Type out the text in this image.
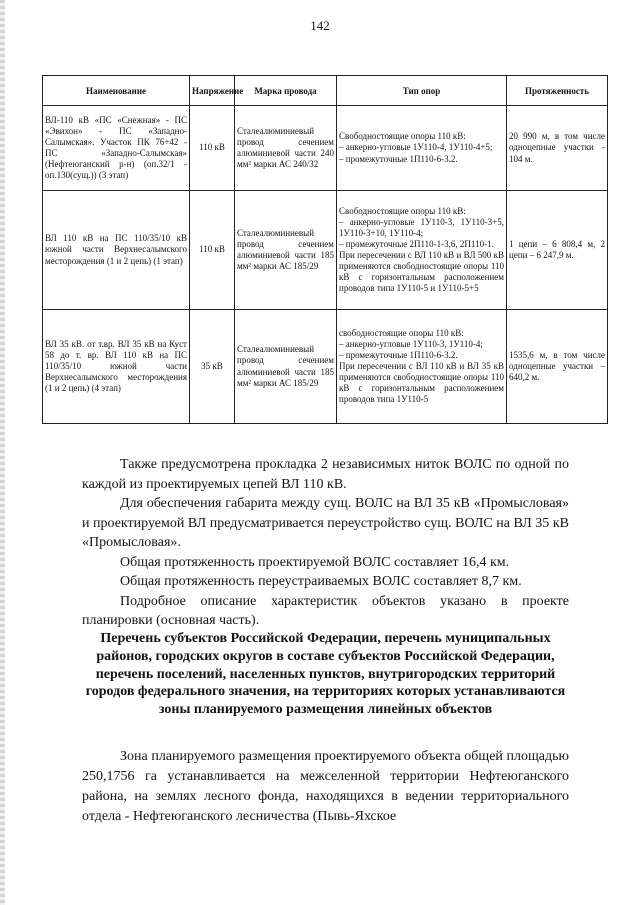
142
Наименование	Напряжение	Марка провода	Тип опор	Протяженность
ВЛ-110 кВ «ПС «Снежная» - ПС «Эвихон» - ПС «Западно-Салымская». Участок ПК 76+42 - ПС «Западно-Салымская» (Нефтеюганский р-н) (оп.32/1 - оп.130(сущ.)) (3 этап)	110 кВ	Сталеалюминиевый провод сечением алюминиевой части 240 мм² марки АС 240/32	Свободностоящие опоры 110 кВ:
– анкерно-угловые 1У110-4, 1У110-4+5;
– промежуточные 1П110-6-3.2.	20 990 м, в том числе одноцепные участки - 104 м.
ВЛ 110 кВ на ПС 110/35/10 кВ южной части Верхнесалымского месторождения (1 и 2 цепь) (1 этап)	110 кВ	Сталеалюминиевый провод сечением алюминиевой части 185 мм² марки АС 185/29	Свободностоящие опоры 110 кВ:
– анкерно-угловые 1У110-3, 1У110-3+5, 1У110-3+10, 1У110-4;
– промежуточные 2П110-1-3,6, 2П110-1.
При пересечении с ВЛ 110 кВ и ВЛ 500 кВ применяются свободностоящие опоры 110 кВ с горизонтальным расположением проводов типа 1У110-5 и 1У110-5+5	1 цепи – 6 808,4 м, 2 цепи – 6 247,9 м.
ВЛ 35 кВ. от т.вр. ВЛ 35 кВ на Куст 58 до т. вр. ВЛ 110 кВ на ПС 110/35/10 южной части Верхнесалымского месторождения (1 и 2 цепь) (4 этап)	35 кВ	Сталеалюминиевый провод сечением алюминиевой части 185 мм² марки АС 185/29	свободностоящие опоры 110 кВ:
– анкерно-угловые 1У110-3, 1У110-4;
– промежуточные 1П110-6-3.2.
При пересечении с ВЛ 110 кВ и ВЛ 35 кВ применяются свободностоящие опоры 110 кВ с горизонтальным расположением проводов типа 1У110-5	1535,6 м, в том числе одноцепные участки – 640,2 м.

Также предусмотрена прокладка 2 независимых ниток ВОЛС по одной по каждой из проектируемых цепей ВЛ 110 кВ.

Для обеспечения габарита между сущ. ВОЛС на ВЛ 35 кВ «Промысловая» и проектируемой ВЛ предусматривается переустройство сущ. ВОЛС на ВЛ 35 кВ «Промысловая».

Общая протяженность проектируемой ВОЛС составляет 16,4 км.

Общая протяженность переустраиваемых ВОЛС составляет 8,7 км.

Подробное описание характеристик объектов указано в проекте планировки (основная часть).

Перечень субъектов Российской Федерации, перечень муниципальных районов, городских округов в составе субъектов Российской Федерации, перечень поселений, населенных пунктов, внутригородских территорий городов федерального значения, на территориях которых устанавливаются зоны планируемого размещения линейных объектов

Зона планируемого размещения проектируемого объекта общей площадью 250,1756 га устанавливается на межселенной территории Нефтеюганского района, на землях лесного фонда, находящихся в ведении территориального отдела - Нефтеюганского лесничества (Пывь-Яхское
